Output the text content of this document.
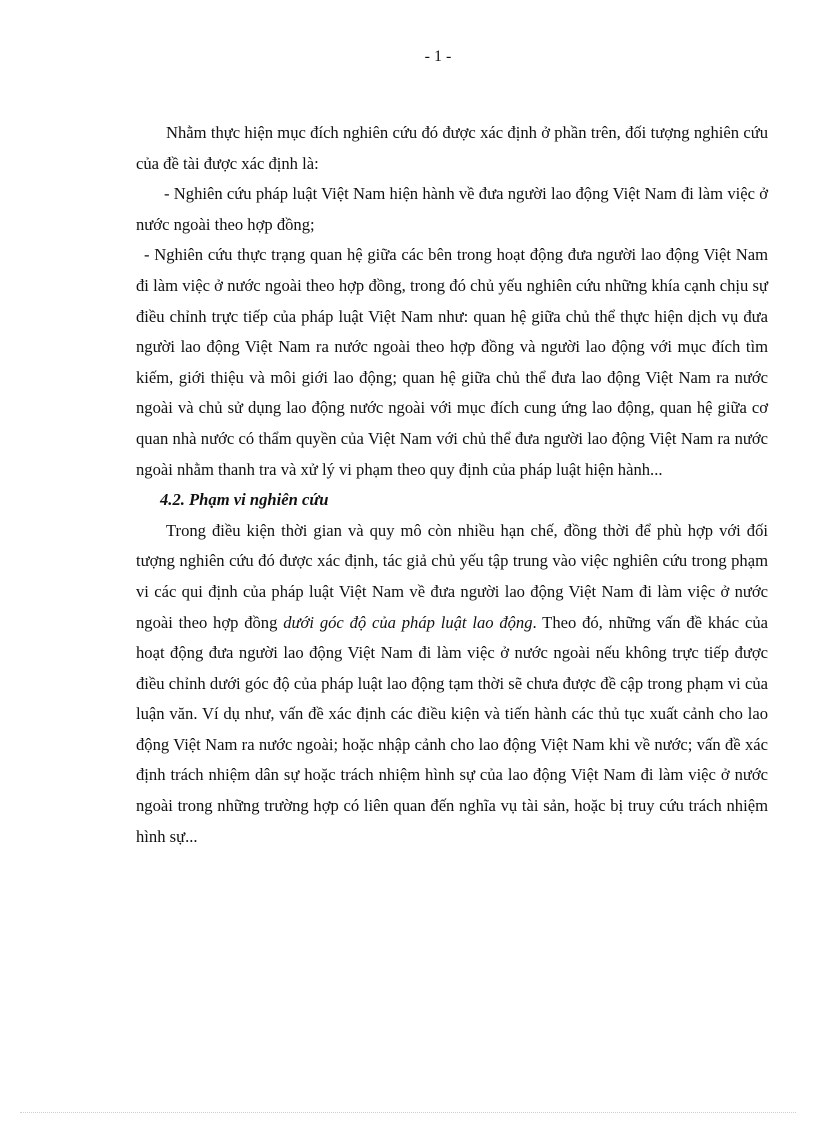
- 1 -

Nhằm thực hiện mục đích nghiên cứu đó được xác định ở phần trên, đối tượng nghiên cứu của đề tài được xác định là:

- Nghiên cứu pháp luật Việt Nam hiện hành về đưa người lao động Việt Nam đi làm việc ở nước ngoài theo hợp đồng;

- Nghiên cứu thực trạng quan hệ giữa các bên trong hoạt động đưa người lao động Việt Nam đi làm việc ở nước ngoài theo hợp đồng, trong đó chủ yếu nghiên cứu những khía cạnh chịu sự điều chỉnh trực tiếp của pháp luật Việt Nam như: quan hệ giữa chủ thể thực hiện dịch vụ đưa người lao động Việt Nam ra nước ngoài theo hợp đồng và người lao động với mục đích tìm kiếm, giới thiệu và môi giới lao động; quan hệ giữa chủ thể đưa lao động Việt Nam ra nước ngoài và chủ sử dụng lao động nước ngoài với mục đích cung ứng lao động, quan hệ giữa cơ quan nhà nước có thẩm quyền của Việt Nam với chủ thể đưa người lao động Việt Nam ra nước ngoài nhằm thanh tra và xử lý vi phạm theo quy định của pháp luật hiện hành...

4.2. Phạm vi nghiên cứu

Trong điều kiện thời gian và quy mô còn nhiều hạn chế, đồng thời để phù hợp với đối tượng nghiên cứu đó được xác định, tác giả chủ yếu tập trung vào việc nghiên cứu trong phạm vi các qui định của pháp luật Việt Nam về đưa người lao động Việt Nam đi làm việc ở nước ngoài theo hợp đồng dưới góc độ của pháp luật lao động. Theo đó, những vấn đề khác của hoạt động đưa người lao động Việt Nam đi làm việc ở nước ngoài nếu không trực tiếp được điều chỉnh dưới góc độ của pháp luật lao động tạm thời sẽ chưa được đề cập trong phạm vi của luận văn. Ví dụ như, vấn đề xác định các điều kiện và tiến hành các thủ tục xuất cảnh cho lao động Việt Nam ra nước ngoài; hoặc nhập cảnh cho lao động Việt Nam khi về nước; vấn đề xác định trách nhiệm dân sự hoặc trách nhiệm hình sự của lao động Việt Nam đi làm việc ở nước ngoài trong những trường hợp có liên quan đến nghĩa vụ tài sản, hoặc bị truy cứu trách nhiệm hình sự...
